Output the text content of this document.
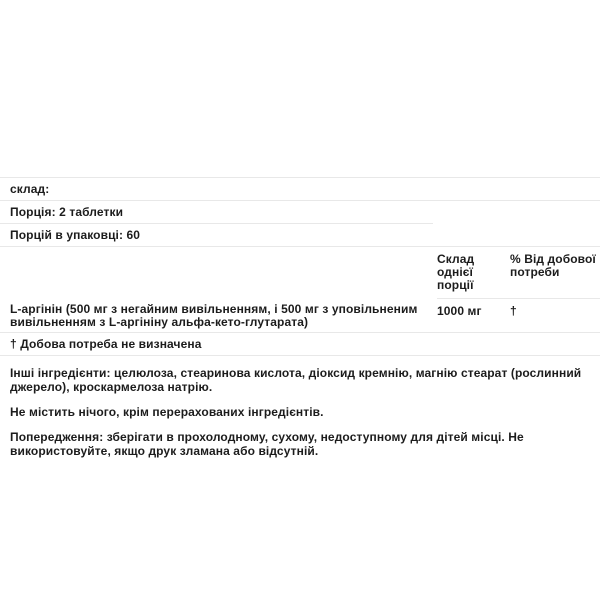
склад:
Порція: 2 таблетки
Порцій в упаковці: 60
Склад однієї порції
% Від добової потреби
L-аргінін (500 мг з негайним вивільненням, і 500 мг з уповільненим вивільненням з L-аргініну альфа-кето-глутарата)
1000 мг	†
† Добова потреба не визначена

Інші інгредієнти: целюлоза, стеаринова кислота, діоксид кремнію, магнію стеарат (рослинний джерело), кроскармелоза натрію.

Не містить нічого, крім перерахованих інгредієнтів.

Попередження: зберігати в прохолодному, сухому, недоступному для дітей місці. Не використовуйте, якщо друк зламана або відсутній.
